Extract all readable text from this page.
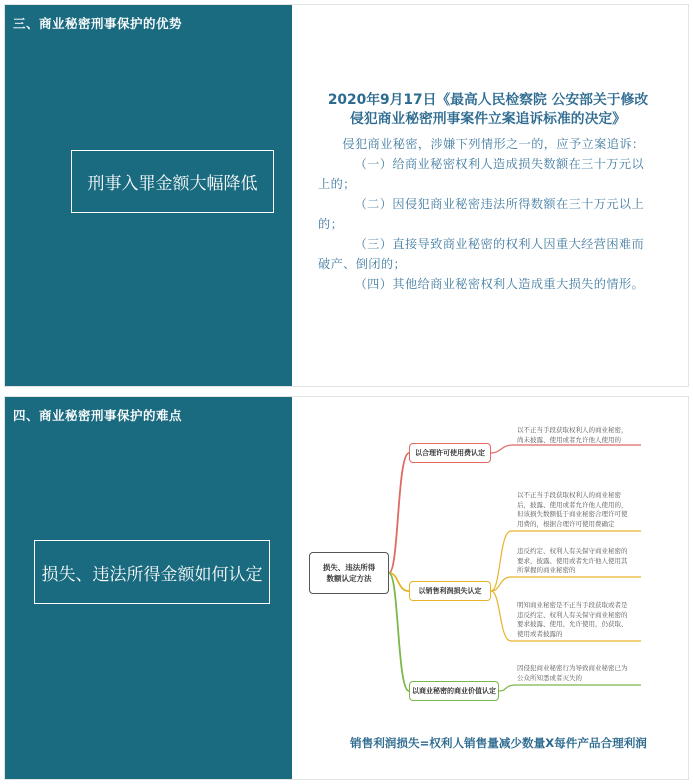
三、商业秘密刑事保护的优势
刑事入罪金额大幅降低
2020年9月17日《最高人民检察院 公安部关于修改
侵犯商业秘密刑事案件立案追诉标准的决定》

侵犯商业秘密，涉嫌下列情形之一的，应予立案追诉：

（一）给商业秘密权利人造成损失数额在三十万元以

上的；

（二）因侵犯商业秘密违法所得数额在三十万元以上

的；

（三）直接导致商业秘密的权利人因重大经营困难而

破产、倒闭的；

（四）其他给商业秘密权利人造成重大损失的情形。

四、商业秘密刑事保护的难点
损失、违法所得金额如何认定	损失、违法所得
数额认定方法
以合理许可使用费认定
以销售利润损失认定
以商业秘密的商业价值认定
以不正当手段获取权利人的商业秘密，
尚未披露、使用或者允许他人使用的
以不正当手段获取权利人的商业秘密
后，披露、使用或者允许他人使用的，
但该损失数额低于商业秘密合理许可使
用费的，根据合理许可使用费确定
违反约定、权利人有关保守商业秘密的
要求，披露、使用或者允许他人使用其
所掌握的商业秘密的
明知商业秘密是不正当手段获取或者是
违反约定、权利人有关保守商业秘密的
要求披露、使用、允许使用，仍获取、
使用或者披露的
因侵犯商业秘密行为导致商业秘密已为
公众所知悉或者灭失的
销售利润损失=权利人销售量减少数量X每件产品合理利润
